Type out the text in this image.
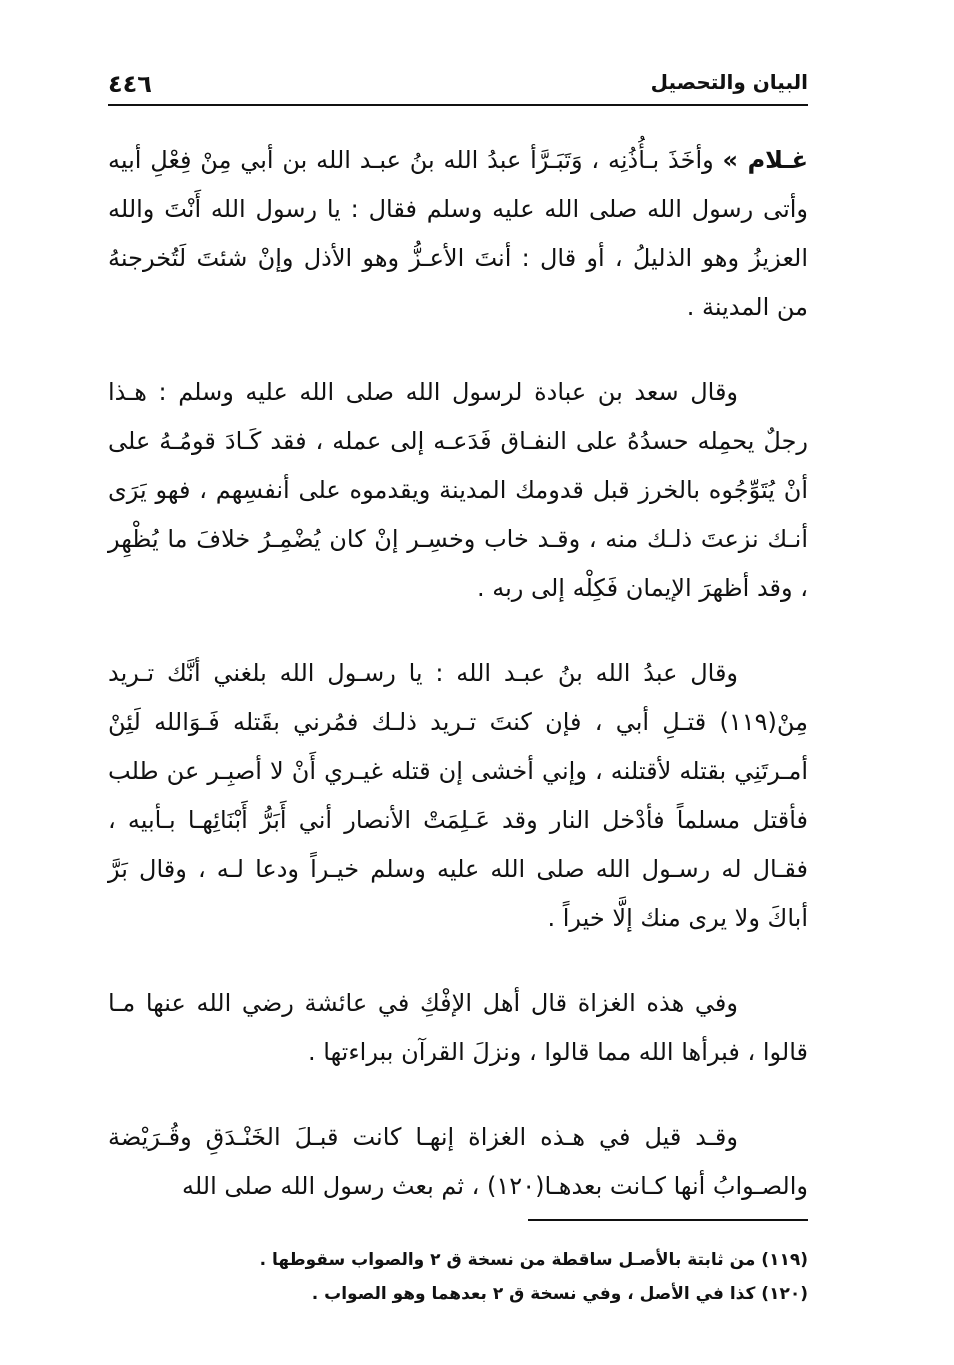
البيان والتحصيل
٤٤٦

غـلام » وأخَذَ بـأُذُنِه ، وَتَبَـرَّأ عبدُ الله بنُ عبـد الله بن أبي مِنْ فِعْلِ أبيه وأتى رسول الله صلى الله عليه وسلم فقال : يا رسول الله أَنْتَ والله العزيزُ وهو الذليلُ ، أو قال : أنتَ الأعـزُّ وهو الأذل وإنْ شئتَ لَتُخرجنهُ من المدينة .

وقال سعد بن عبادة لرسول الله صلى الله عليه وسلم : هـذا رجلٌ يحمِله حسدُهُ على النفـاق فَدَعـه إلى عمله ، فقد كَـادَ قومُـهُ على أنْ يُتَوِّجُوه بالخرز قبل قدومك المدينة ويقدموه على أنفسِهم ، فهو يَرَى أنـك نزعتَ ذلـك منه ، وقـد خاب وخسِـر إنْ كان يُضْمِـرُ خلافَ ما يُظْهِر ، وقد أظهرَ الإيمان فَكِلْه إلى ربه .

وقال عبدُ الله بنُ عبـد الله : يا رسـول الله بلغني أنَّك تـريد مِنْ(١١٩) قتـلِ أبي ، فإن كنتَ تـريد ذلـك فمُرني بقَتله فَـوَالله لَئِنْ أمـرتَنِي بقتله لأقتلنه ، وإني أخشى إن قتله غيـري أَنْ لا أصبِـر عن طلب فأقتل مسلماً فأدْخل النار وقد عَـلِمَتْ الأنصار أني أَبَرُّ أَبْنَائِهـا بـأبيه ، فقـال له رسـول الله صلى الله عليه وسلم خيـراً ودعا لـه ، وقال بَرَّ أباكَ ولا يرى منك إلَّا خيراً .

وفي هذه الغزاة قال أهل الإفْكِ في عائشة رضي الله عنها مـا قالوا ، فبرأها الله مما قالوا ، ونزلَ القرآن ببراءتها .

وقـد قيل في هـذه الغزاة إنهـا كانت قبـلَ الخَنْـدَقِ وقُـرَيْضة والصـوابُ أنها كـانت بعدهـا(١٢٠) ، ثم بعث رسول الله صلى الله

(١١٩) من ثابتة بالأصـل ساقطة من نسخة ق ٢ والصواب سقوطها .

(١٢٠) كذا في الأصل ، وفي نسخة ق ٢ بعدهما وهو الصواب .
